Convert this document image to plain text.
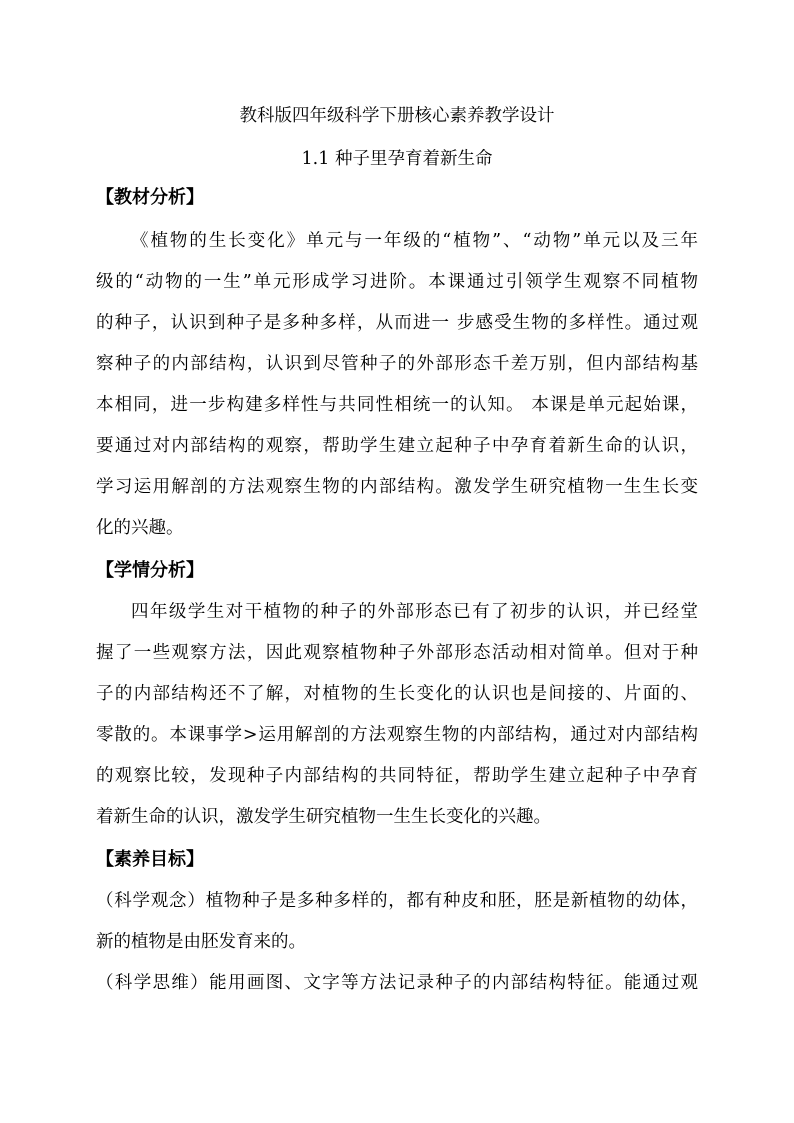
教科版四年级科学下册核心素养教学设计
1.1 种子里孕育着新生命
【教材分析】
《植物的生长变化》单元与一年级的“植物”、“动物”单元以及三年
级的“动物的一生”单元形成学习进阶。本课通过引领学生观察不同植物
的种子，认识到种子是多种多样，从而进一 步感受生物的多样性。通过观
察种子的内部结构，认识到尽管种子的外部形态千差万别，但内部结构基
本相同，进一步构建多样性与共同性相统一的认知。 本课是单元起始课，
要通过对内部结构的观察，帮助学生建立起种子中孕育着新生命的认识，
学习运用解剖的方法观察生物的内部结构。激发学生研究植物一生生长变
化的兴趣。
【学情分析】
四年级学生对干植物的种子的外部形态已有了初步的认识，并已经堂
握了一些观察方法，因此观察植物种子外部形态活动相对简单。但对于种
子的内部结构还不了解，对植物的生长变化的认识也是间接的、片面的、
零散的。本课事学>运用解剖的方法观察生物的内部结构，通过对内部结构
的观察比较，发现种子内部结构的共同特征，帮助学生建立起种子中孕育
着新生命的认识，激发学生研究植物一生生长变化的兴趣。
【素养目标】
（科学观念）植物种子是多种多样的，都有种皮和胚，胚是新植物的幼体，
新的植物是由胚发育来的。
（科学思维）能用画图、文字等方法记录种子的内部结构特征。能通过观
